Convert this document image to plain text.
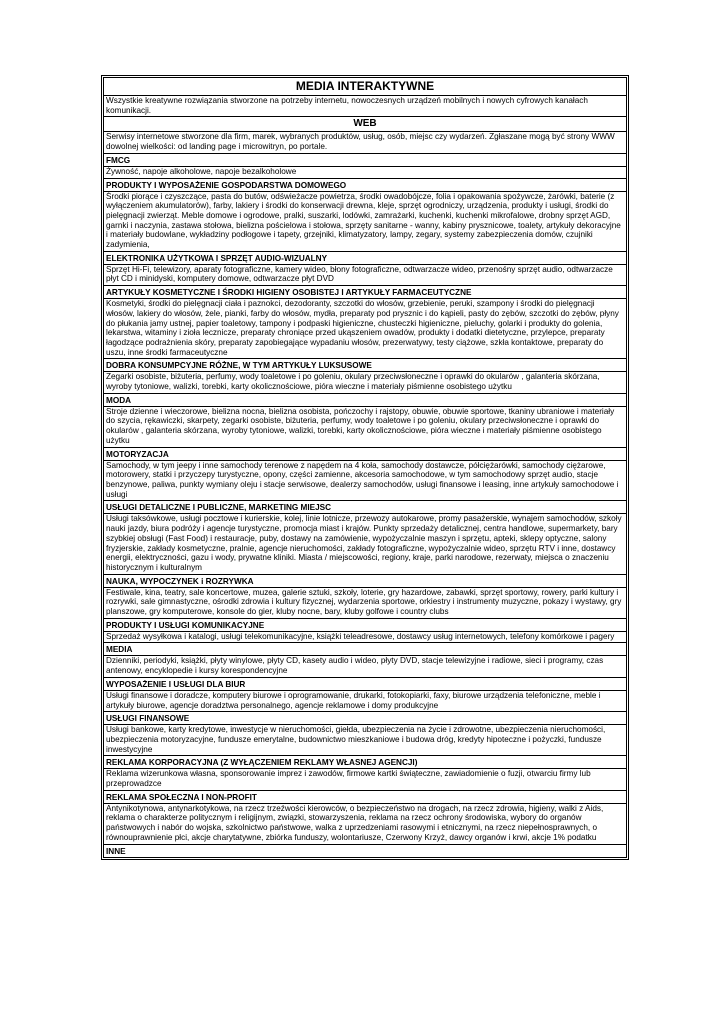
MEDIA INTERAKTYWNE
Wszystkie kreatywne rozwiązania stworzone na potrzeby internetu, nowoczesnych urządzeń mobilnych i nowych cyfrowych kanałach komunikacji.
WEB
Serwisy internetowe stworzone dla firm, marek, wybranych produktów, usług, osób, miejsc czy wydarzeń. Zgłaszane mogą być strony WWW dowolnej wielkości: od landing page i microwitryn, po portale.
FMCG
Żywność, napoje alkoholowe, napoje bezalkoholowe
PRODUKTY I WYPOSAŻENIE GOSPODARSTWA DOMOWEGO
Środki piorące i czyszczące, pasta do butów, odświeżacze powietrza, środki owadobójcze, folia i opakowania spożywcze, żarówki, baterie (z wyłączeniem akumulatorów), farby, lakiery i środki do konserwacji drewna, kleje, sprzęt ogrodniczy, urządzenia, produkty i usługi, środki do pielęgnacji zwierząt. Meble domowe i ogrodowe, pralki, suszarki, lodówki, zamrażarki, kuchenki, kuchenki mikrofalowe, drobny sprzęt AGD, garnki i naczynia, zastawa stołowa, bielizna pościelowa i stołowa, sprzęty sanitarne - wanny, kabiny prysznicowe, toalety, artykuły dekoracyjne i materiały budowlane, wykładziny podłogowe i tapety, grzejniki, klimatyzatory, lampy, zegary, systemy zabezpieczenia domów, czujniki zadymienia,
ELEKTRONIKA UŻYTKOWA I SPRZĘT AUDIO-WIZUALNY
Sprzęt Hi-Fi, telewizory, aparaty fotograficzne, kamery wideo, błony fotograficzne, odtwarzacze wideo, przenośny sprzęt audio, odtwarzacze płyt CD i minidyski, komputery domowe, odtwarzacze płyt DVD
ARTYKUŁY KOSMETYCZNE I ŚRODKI HIGIENY OSOBISTEJ I ARTYKUŁY FARMACEUTYCZNE
Kosmetyki, środki do pielęgnacji ciała i paznokci, dezodoranty, szczotki do włosów, grzebienie, peruki, szampony i środki do pielęgnacji włosów, lakiery do włosów, żele, pianki, farby do włosów, mydła, preparaty pod prysznic i do kąpieli, pasty do zębów, szczotki do zębów, płyny do płukania jamy ustnej, papier toaletowy, tampony i podpaski higieniczne, chusteczki higieniczne, pieluchy, golarki i produkty do golenia, lekarstwa, witaminy i zioła lecznicze, preparaty chroniące przed ukąszeniem owadów, produkty i dodatki dietetyczne, przylepce, preparaty łagodzące podrażnienia skóry, preparaty zapobiegające wypadaniu włosów, prezerwatywy, testy ciążowe, szkła kontaktowe, preparaty do uszu, inne środki farmaceutyczne
DOBRA KONSUMPCYJNE RÓŻNE, W TYM ARTYKUŁY LUKSUSOWE
Zegarki osobiste, biżuteria, perfumy, wody toaletowe i po goleniu, okulary przeciwsłoneczne i oprawki do okularów , galanteria skórzana, wyroby tytoniowe, walizki, torebki, karty okolicznościowe, pióra wieczne i materiały piśmienne osobistego użytku
MODA
Stroje dzienne i wieczorowe, bielizna nocna, bielizna osobista, pończochy i rajstopy, obuwie, obuwie sportowe, tkaniny ubraniowe i materiały do szycia, rękawiczki, skarpety, zegarki osobiste, biżuteria, perfumy, wody toaletowe i po goleniu, okulary przeciwsłoneczne i oprawki do okularów , galanteria skórzana, wyroby tytoniowe, walizki, torebki, karty okolicznościowe, pióra wieczne i materiały piśmienne osobistego użytku
MOTORYZACJA
Samochody, w tym jeepy i inne samochody terenowe z napędem na 4 koła, samochody dostawcze, półciężarówki, samochody ciężarowe, motorowery, statki i przyczepy turystyczne, opony, części zamienne, akcesoria samochodowe, w tym samochodowy sprzęt audio, stacje benzynowe, paliwa, punkty wymiany oleju i stacje serwisowe, dealerzy samochodów, usługi finansowe i leasing, inne artykuły samochodowe i usługi
USŁUGI DETALICZNE I PUBLICZNE, MARKETING MIEJSC
Usługi taksówkowe, usługi pocztowe i kurierskie, kolej, linie lotnicze, przewozy autokarowe, promy pasażerskie, wynajem samochodów, szkoły nauki jazdy, biura podróży i agencje turystyczne, promocja miast i krajów. Punkty sprzedaży detalicznej, centra handlowe, supermarkety, bary szybkiej obsługi (Fast Food) i restauracje, puby, dostawy na zamówienie, wypożyczalnie maszyn i sprzętu, apteki, sklepy optyczne, salony fryzjerskie, zakłady kosmetyczne, pralnie, agencje nieruchomości, zakłady fotograficzne, wypożyczalnie wideo, sprzętu RTV i inne, dostawcy energii, elektryczności, gazu i wody, prywatne kliniki. Miasta / miejscowości, regiony, kraje, parki narodowe, rezerwaty, miejsca o znaczeniu historycznym i kulturalnym
NAUKA, WYPOCZYNEK i ROZRYWKA
Festiwale, kina, teatry, sale koncertowe, muzea, galerie sztuki, szkoły, loterie, gry hazardowe, zabawki, sprzęt sportowy, rowery, parki kultury i rozrywki, sale gimnastyczne, ośrodki zdrowia i kultury fizycznej, wydarzenia sportowe, orkiestry i instrumenty muzyczne, pokazy i wystawy, gry planszowe, gry komputerowe, konsole do gier, kluby nocne, bary, kluby golfowe i country clubs
PRODUKTY I USŁUGI KOMUNIKACYJNE
Sprzedaż wysyłkowa i katalogi, usługi telekomunikacyjne, książki teleadresowe, dostawcy usług internetowych, telefony komórkowe i pagery
MEDIA
Dzienniki, periodyki, książki, płyty winylowe, płyty CD, kasety audio i wideo, płyty DVD, stacje telewizyjne i radiowe, sieci i programy, czas antenowy, encyklopedie i kursy korespondencyjne
WYPOSAŻENIE I USŁUGI DLA BIUR
Usługi finansowe i doradcze, komputery biurowe i oprogramowanie, drukarki, fotokopiarki, faxy, biurowe urządzenia telefoniczne, meble i artykuły biurowe, agencje doradztwa personalnego, agencje reklamowe i domy produkcyjne
USŁUGI FINANSOWE
Usługi bankowe, karty kredytowe, inwestycje w nieruchomości, giełda, ubezpieczenia na życie i zdrowotne, ubezpieczenia nieruchomości, ubezpieczenia motoryzacyjne, fundusze emerytalne, budownictwo mieszkaniowe i budowa dróg, kredyty hipoteczne i pożyczki, fundusze inwestycyjne
REKLAMA KORPORACYJNA (Z WYŁĄCZENIEM REKLAMY WŁASNEJ AGENCJI)
Reklama wizerunkowa własna, sponsorowanie imprez i zawodów, firmowe kartki świąteczne, zawiadomienie o fuzji, otwarciu firmy lub przeprowadzce
REKLAMA SPOŁECZNA I NON-PROFIT
Antynikotynowa, antynarkotykowa, na rzecz trzeźwości kierowców, o bezpieczeństwo na drogach, na rzecz zdrowia, higieny, walki z Aids, reklama o charakterze politycznym i religijnym, związki, stowarzyszenia, reklama na rzecz ochrony środowiska, wybory do organów państwowych i nabór do wojska, szkolnictwo państwowe, walka z uprzedzeniami rasowymi i etnicznymi, na rzecz niepełnosprawnych, o równouprawnienie płci, akcje charytatywne, zbiórka funduszy, wolontariusze, Czerwony Krzyż, dawcy organów i krwi, akcje 1% podatku
INNE
